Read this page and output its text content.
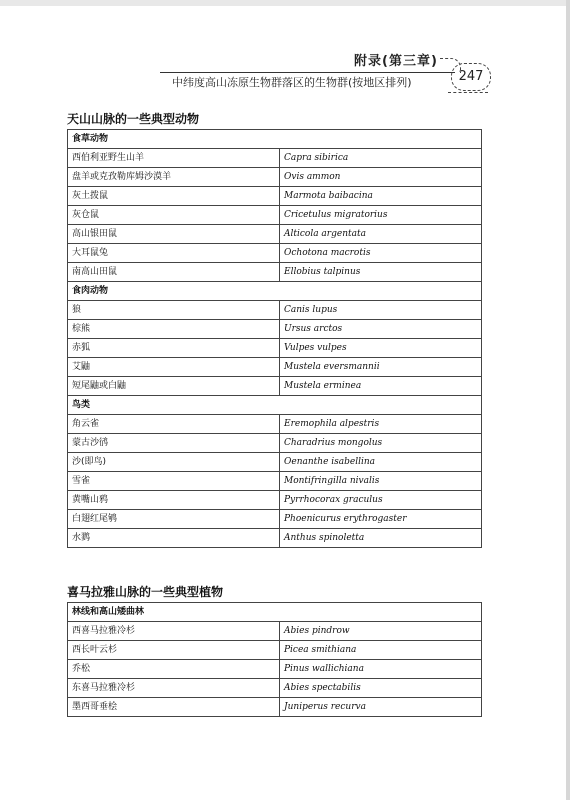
附录(第三章)
中纬度高山冻原生物群落区的生物群(按地区排列)	247
天山山脉的一些典型动物
食草动物	
西伯利亚野生山羊	Capra sibirica
盘羊或克孜勒库姆沙漠羊	Ovis ammon
灰土拨鼠	Marmota baibacina
灰仓鼠	Cricetulus migratorius
高山银田鼠	Alticola argentata
大耳鼠兔	Ochotona macrotis
南高山田鼠	Ellobius talpinus
食肉动物	
狼	Canis lupus
棕熊	Ursus arctos
赤狐	Vulpes vulpes
艾鼬	Mustela eversmannii
短尾鼬或白鼬	Mustela erminea
鸟类	
角云雀	Eremophila alpestris
蒙古沙鸻	Charadrius mongolus
沙(即鸟)	Oenanthe isabellina
雪雀	Montifringilla nivalis
黄嘴山鸦	Pyrrhocorax graculus
白翅红尾鸲	Phoenicurus erythrogaster
水鹨	Anthus spinoletta
喜马拉雅山脉的一些典型植物
林线和高山矮曲林	
西喜马拉雅冷杉	Abies pindrow
西长叶云杉	Picea smithiana
乔松	Pinus wallichiana
东喜马拉雅冷杉	Abies spectabilis
墨西哥垂桧	Juniperus recurva
